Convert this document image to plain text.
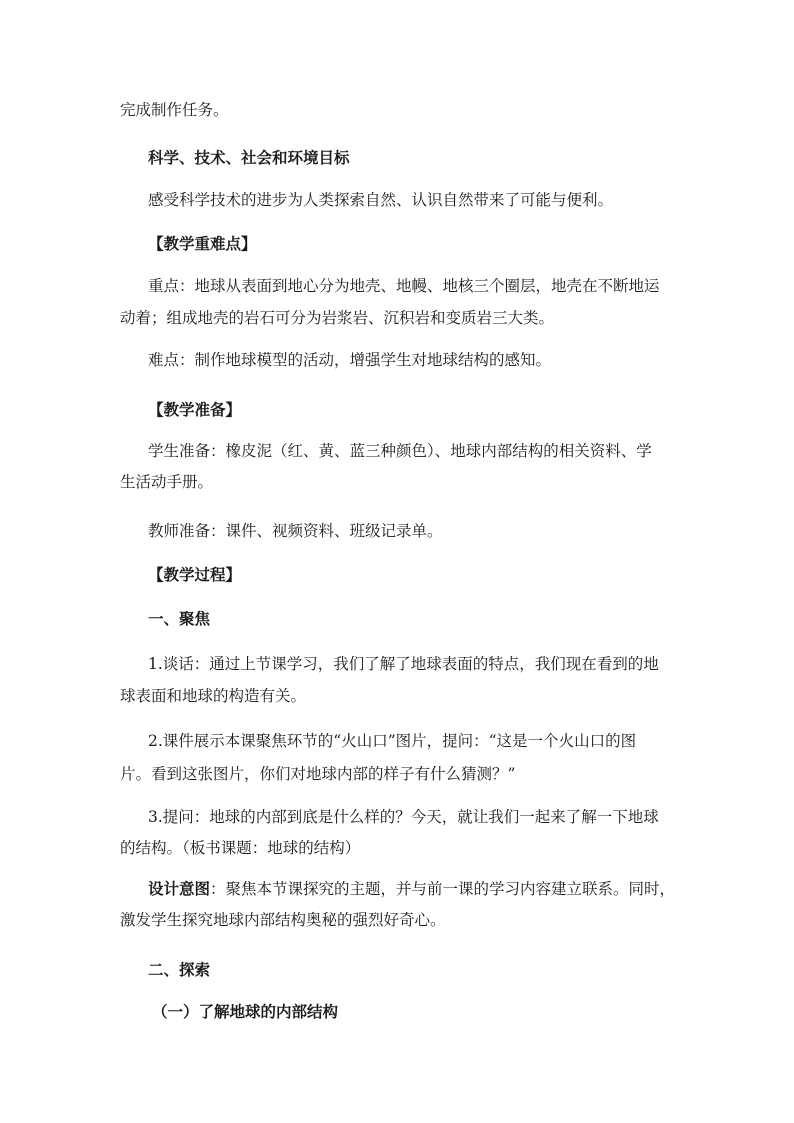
完成制作任务。
科学、技术、社会和环境目标
感受科学技术的进步为人类探索自然、认识自然带来了可能与便利。
【教学重难点】
重点：地球从表面到地心分为地壳、地幔、地核三个圈层，地壳在不断地运
动着；组成地壳的岩石可分为岩浆岩、沉积岩和变质岩三大类。
难点：制作地球模型的活动，增强学生对地球结构的感知。
【教学准备】
学生准备：橡皮泥（红、黄、蓝三种颜色）、地球内部结构的相关资料、学
生活动手册。
教师准备：课件、视频资料、班级记录单。
【教学过程】
一、聚焦
1.谈话：通过上节课学习，我们了解了地球表面的特点，我们现在看到的地
球表面和地球的构造有关。
2.课件展示本课聚焦环节的“火山口”图片，提问：“这是一个火山口的图
片。看到这张图片，你们对地球内部的样子有什么猜测？”
3.提问：地球的内部到底是什么样的？今天，就让我们一起来了解一下地球
的结构。（板书课题：地球的结构）
设计意图：聚焦本节课探究的主题，并与前一课的学习内容建立联系。同时，
激发学生探究地球内部结构奥秘的强烈好奇心。
二、探索
（一）了解地球的内部结构
